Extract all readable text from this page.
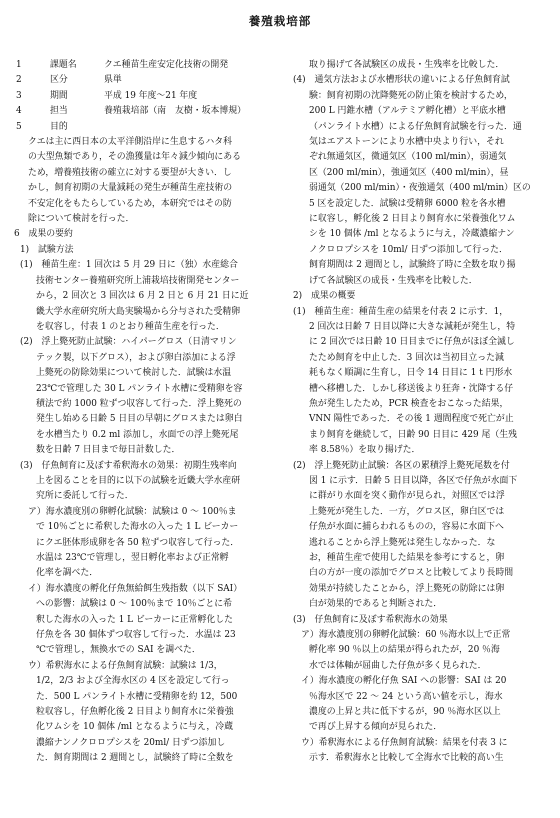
養殖栽培部
1	課題名	クエ種苗生産安定化技術の開発
2	区分	県単
3	期間	平成 19 年度～21 年度
4	担当	養殖栽培部（南　友樹・坂本博規）
5	目的
クエは主に西日本の太平洋側沿岸に生息するハタ科
の大型魚類であり，その漁獲量は年々減少傾向にある
ため，増養殖技術の確立に対する要望が大きい．し
かし，飼育初期の大量減耗の発生が種苗生産技術の
不安定化をもたらしているため，本研究ではその防
除について検討を行った．
6　成果の要約
1)　試験方法
(1)　種苗生産：1 回次は 5 月 29 日に（独）水産総合
技術センター養殖研究所上浦栽培技術開発センター
から，2 回次と 3 回次は 6 月 2 日と 6 月 21 日に近
畿大学水産研究所大島実験場から分与された受精卵
を収容し，付表 1 のとおり種苗生産を行った．
(2)　浮上斃死防止試験：ハイパーグロス（日清マリン
テック製，以下グロス），および卵白添加による浮
上斃死の防除効果について検討した．試験は水温
23℃で管理した 30 L パンライト水槽に受精卵を容
積法で約 1000 粒ずつ収容して行った．浮上斃死の
発生し始める日齢 5 日目の早朝にグロスまたは卵白
を水槽当たり 0.2 ml 添加し，水面での浮上斃死尾
数を日齢 7 日目まで毎日計数した．
(3)　仔魚飼育に及ぼす希釈海水の効果：初期生残率向
上を図ることを目的に以下の試験を近畿大学水産研
究所に委託して行った．
ア）海水濃度別の卵孵化試験：試験は 0 ～ 100％ま
で 10％ごとに希釈した海水の入った 1 L ビーカー
にクエ胚体形成卵を各 50 粒ずつ収容して行った．
水温は 23℃で管理し，翌日孵化率および正常孵
化率を調べた．
イ）海水濃度の孵化仔魚無給餌生残指数（以下 SAI）
への影響：試験は 0 ～ 100％まで 10％ごとに希
釈した海水の入った 1 L ビーカーに正常孵化した
仔魚を各 30 個体ずつ収容して行った．水温は 23
℃で管理し，無換水での SAI を調べた．
ウ）希釈海水による仔魚飼育試験：試験は 1/3，
1/2，2/3 および全海水区の 4 区を設定して行っ
た．500 L パンライト水槽に受精卵を約 12，500
粒収容し，仔魚孵化後 2 日目より飼育水に栄養強
化ワムシを 10 個体 /ml となるように与え，冷蔵
濃縮ナンノクロロプシスを 20ml/ 日ずつ添加し
た．飼育期間は 2 週間とし，試験終了時に全数を
取り揚げて各試験区の成長・生残率を比較した．
(4)　通気方法および水槽形状の違いによる仔魚飼育試
験：飼育初期の沈降斃死の防止策を検討するため，
200 L 円錐水槽（アルテミア孵化槽）と平底水槽
（パンライト水槽）による仔魚飼育試験を行った．通
気はエアストーンにより水槽中央より行い，それ
ぞれ無通気区，微通気区（100 ml/min），弱通気
区（200 ml/min），強通気区（400 ml/min），昼
弱通気（200 ml/min）・夜強通気（400 ml/min）区の
5 区を設定した．試験は受精卵 6000 粒を各水槽
に収容し，孵化後 2 日目より飼育水に栄養強化ワム
シを 10 個体 /ml となるように与え，冷蔵濃縮ナン
ノクロロプシスを 10ml/ 日ずつ添加して行った．
飼育期間は 2 週間とし，試験終了時に全数を取り揚
げて各試験区の成長・生残率を比較した．
2)　成果の概要
(1)　種苗生産：種苗生産の結果を付表 2 に示す．1，
2 回次は日齢 7 日目以降に大きな減耗が発生し，特
に 2 回次では日齢 10 日目までに仔魚がほぼ全滅し
たため飼育を中止した．3 回次は当初目立った減
耗もなく順調に生育し，日令 14 日目に 1 t 円形水
槽へ移槽した．しかし移送後より狂奔・沈降する仔
魚が発生したため，PCR 検査をおこなった結果，
VNN 陽性であった．その後 1 週間程度で死亡が止
まり飼育を継続して，日齢 90 日目に 429 尾（生残
率 8.58％）を取り揚げた．
(2)　浮上斃死防止試験：各区の累積浮上斃死尾数を付
図 1 に示す．日齢 5 日目以降，各区で仔魚が水面下
に群がり水面を突く動作が見られ，対照区では浮
上斃死が発生した．一方，グロス区，卵白区では
仔魚が水面に捕らわれるものの，容易に水面下へ
逃れることから浮上斃死は発生しなかった．な
お，種苗生産で使用した結果を参考にすると，卵
白の方が一度の添加でグロスと比較してより長時間
効果が持続したことから，浮上斃死の防除には卵
白が効果的であると判断された．
(3)　仔魚飼育に及ぼす希釈海水の効果
ア）海水濃度別の卵孵化試験：60 ％海水以上で正常
孵化率 90 ％以上の結果が得られたが，20 ％海
水では体軸が屈曲した仔魚が多く見られた．
イ）海水濃度の孵化仔魚 SAI への影響：SAI は 20
％海水区で 22 ～ 24 という高い値を示し，海水
濃度の上昇と共に低下するが，90 ％海水区以上
で再び上昇する傾向が見られた．
ウ）希釈海水による仔魚飼育試験：結果を付表 3 に
示す．希釈海水と比較して全海水で比較的高い生
